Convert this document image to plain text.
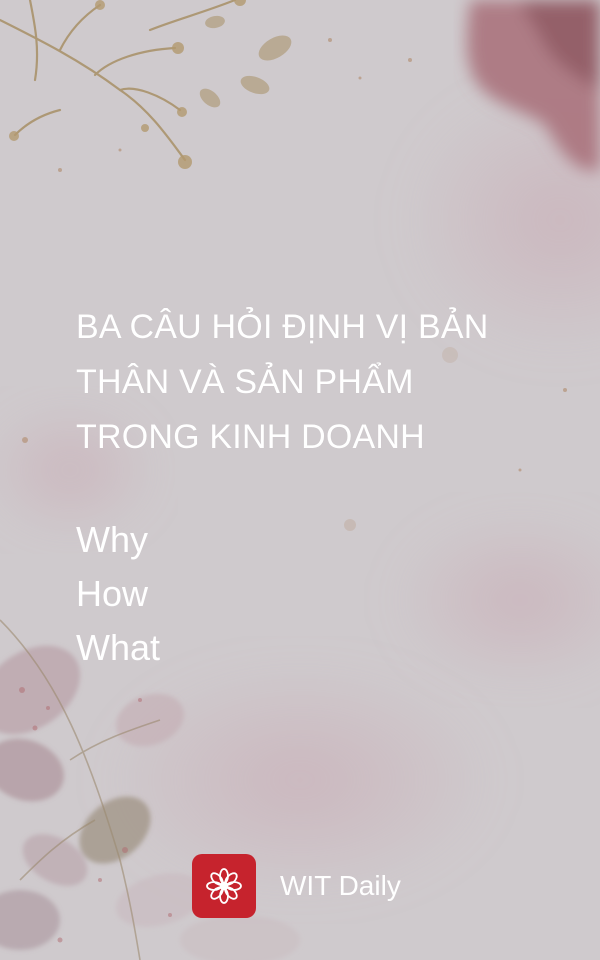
BA CÂU HỎI ĐỊNH VỊ BẢN
THÂN VÀ SẢN PHẨM
TRONG KINH DOANH
Why
How
What
WIT Daily
